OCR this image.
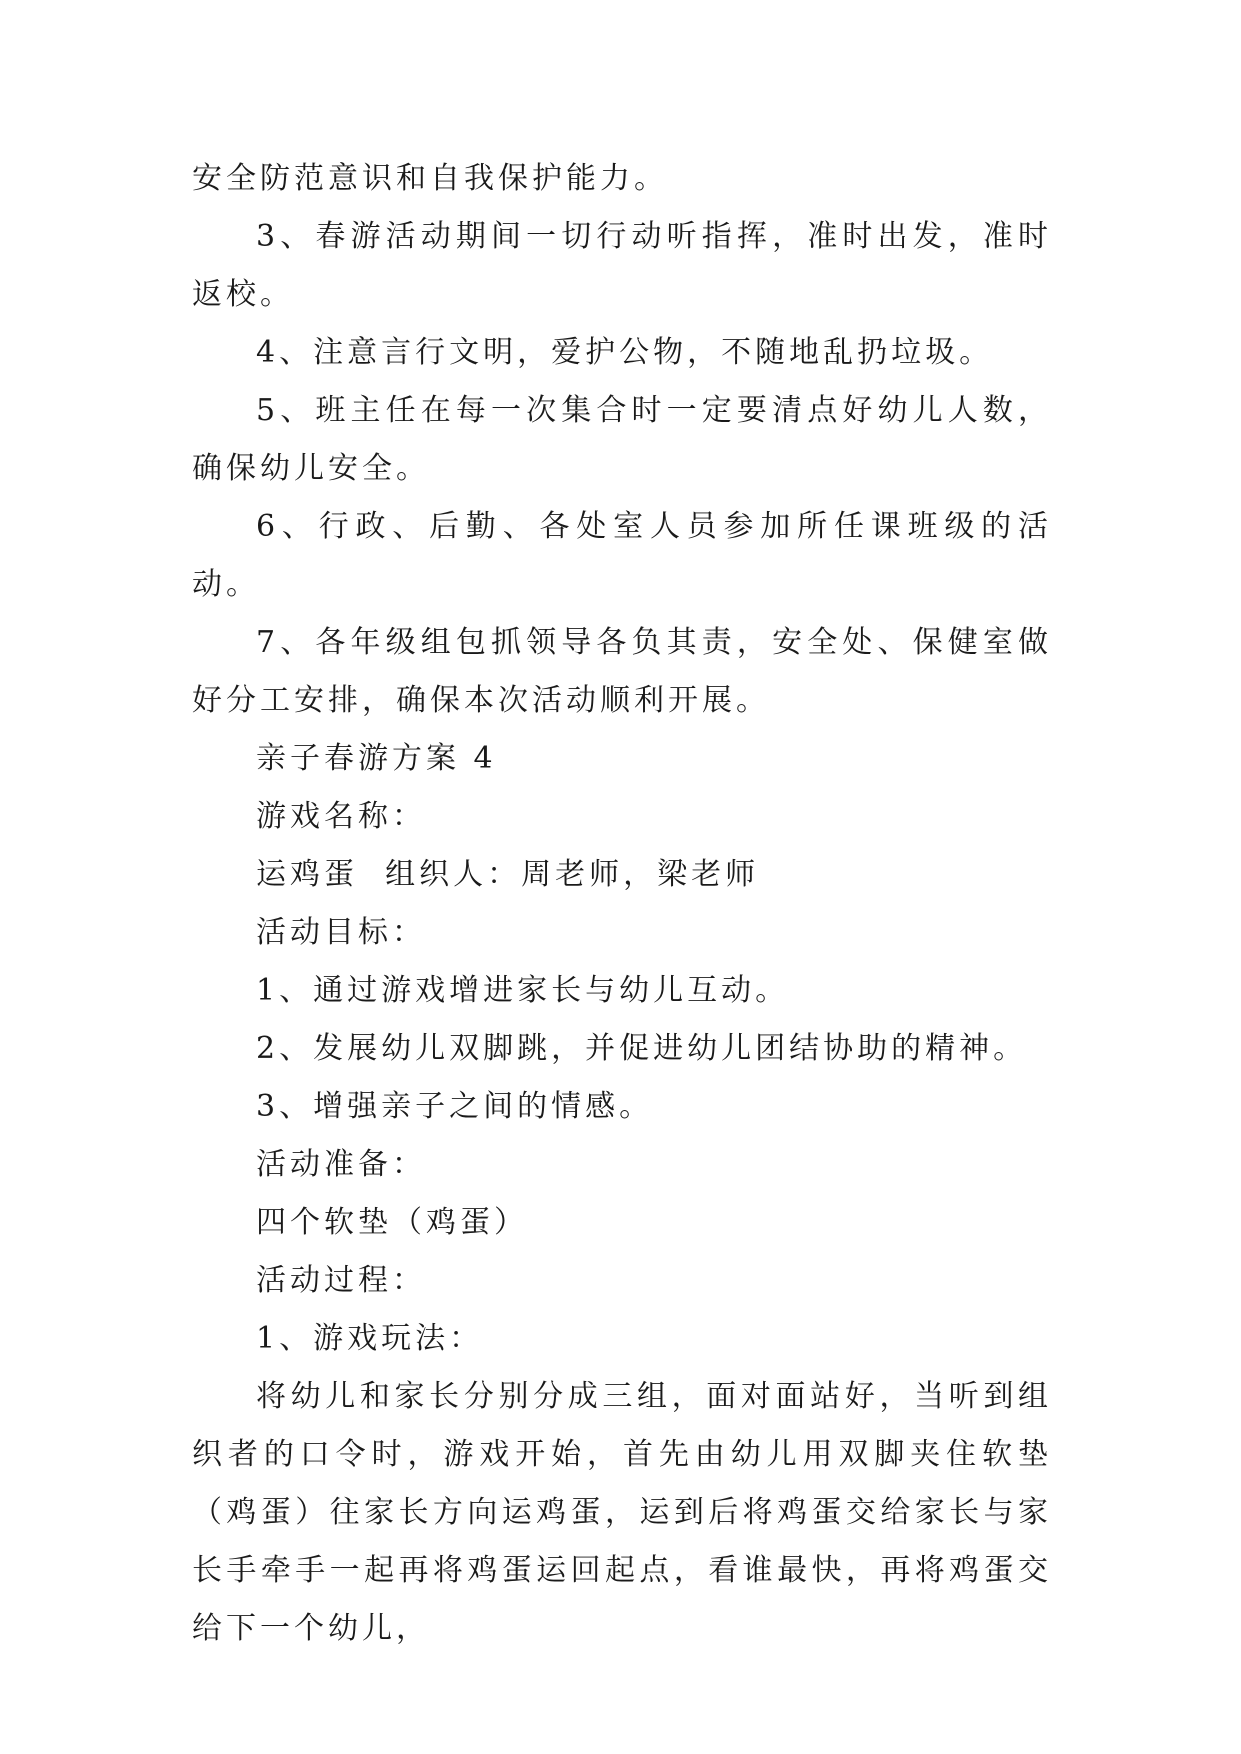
安全防范意识和自我保护能力。

3、春游活动期间一切行动听指挥，准时出发，准时返校。

4、注意言行文明，爱护公物，不随地乱扔垃圾。

5、班主任在每一次集合时一定要清点好幼儿人数，确保幼儿安全。

6、行政、后勤、各处室人员参加所任课班级的活动。

7、各年级组包抓领导各负其责，安全处、保健室做好分工安排，确保本次活动顺利开展。

亲子春游方案 4

游戏名称：

运鸡蛋  组织人：周老师，梁老师

活动目标：

1、通过游戏增进家长与幼儿互动。

2、发展幼儿双脚跳，并促进幼儿团结协助的精神。

3、增强亲子之间的情感。

活动准备：

四个软垫（鸡蛋）

活动过程：

1、游戏玩法：

将幼儿和家长分别分成三组，面对面站好，当听到组织者的口令时，游戏开始，首先由幼儿用双脚夹住软垫（鸡蛋）往家长方向运鸡蛋，运到后将鸡蛋交给家长与家长手牵手一起再将鸡蛋运回起点，看谁最快，再将鸡蛋交给下一个幼儿，
